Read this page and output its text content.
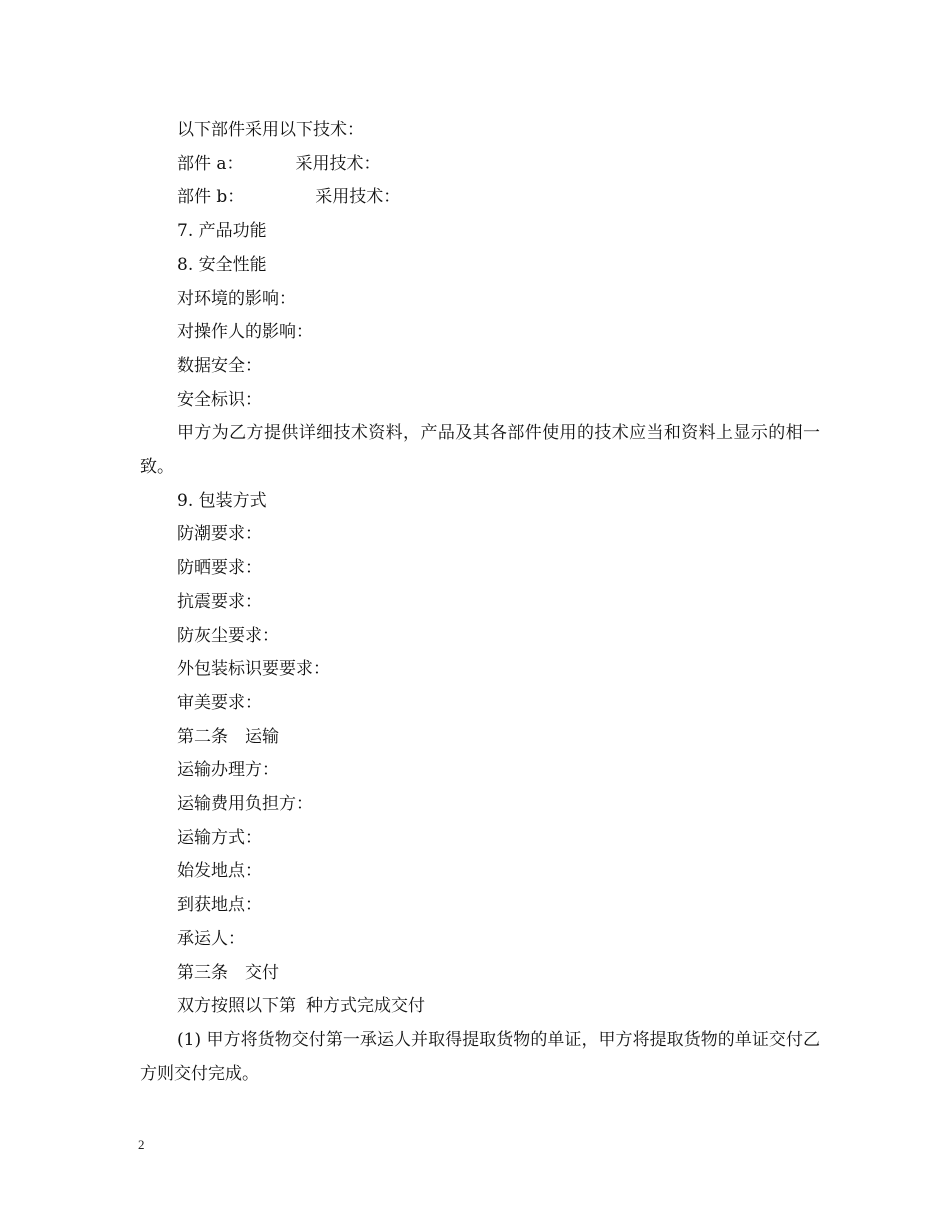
以下部件采用以下技术：

部件 a：	采用技术：

部件 b：	采用技术：

7. 产品功能

8. 安全性能

对环境的影响：

对操作人的影响：

数据安全：

安全标识：

甲方为乙方提供详细技术资料，产品及其各部件使用的技术应当和资料上显示的相一致。

9. 包装方式

防潮要求：

防晒要求：

抗震要求：

防灰尘要求：

外包装标识要要求：

审美要求：

第二条　运输

运输办理方：

运输费用负担方：

运输方式：

始发地点：

到获地点：

承运人：

第三条　交付

双方按照以下第 种方式完成交付

(1) 甲方将货物交付第一承运人并取得提取货物的单证，甲方将提取货物的单证交付乙方则交付完成。

2
